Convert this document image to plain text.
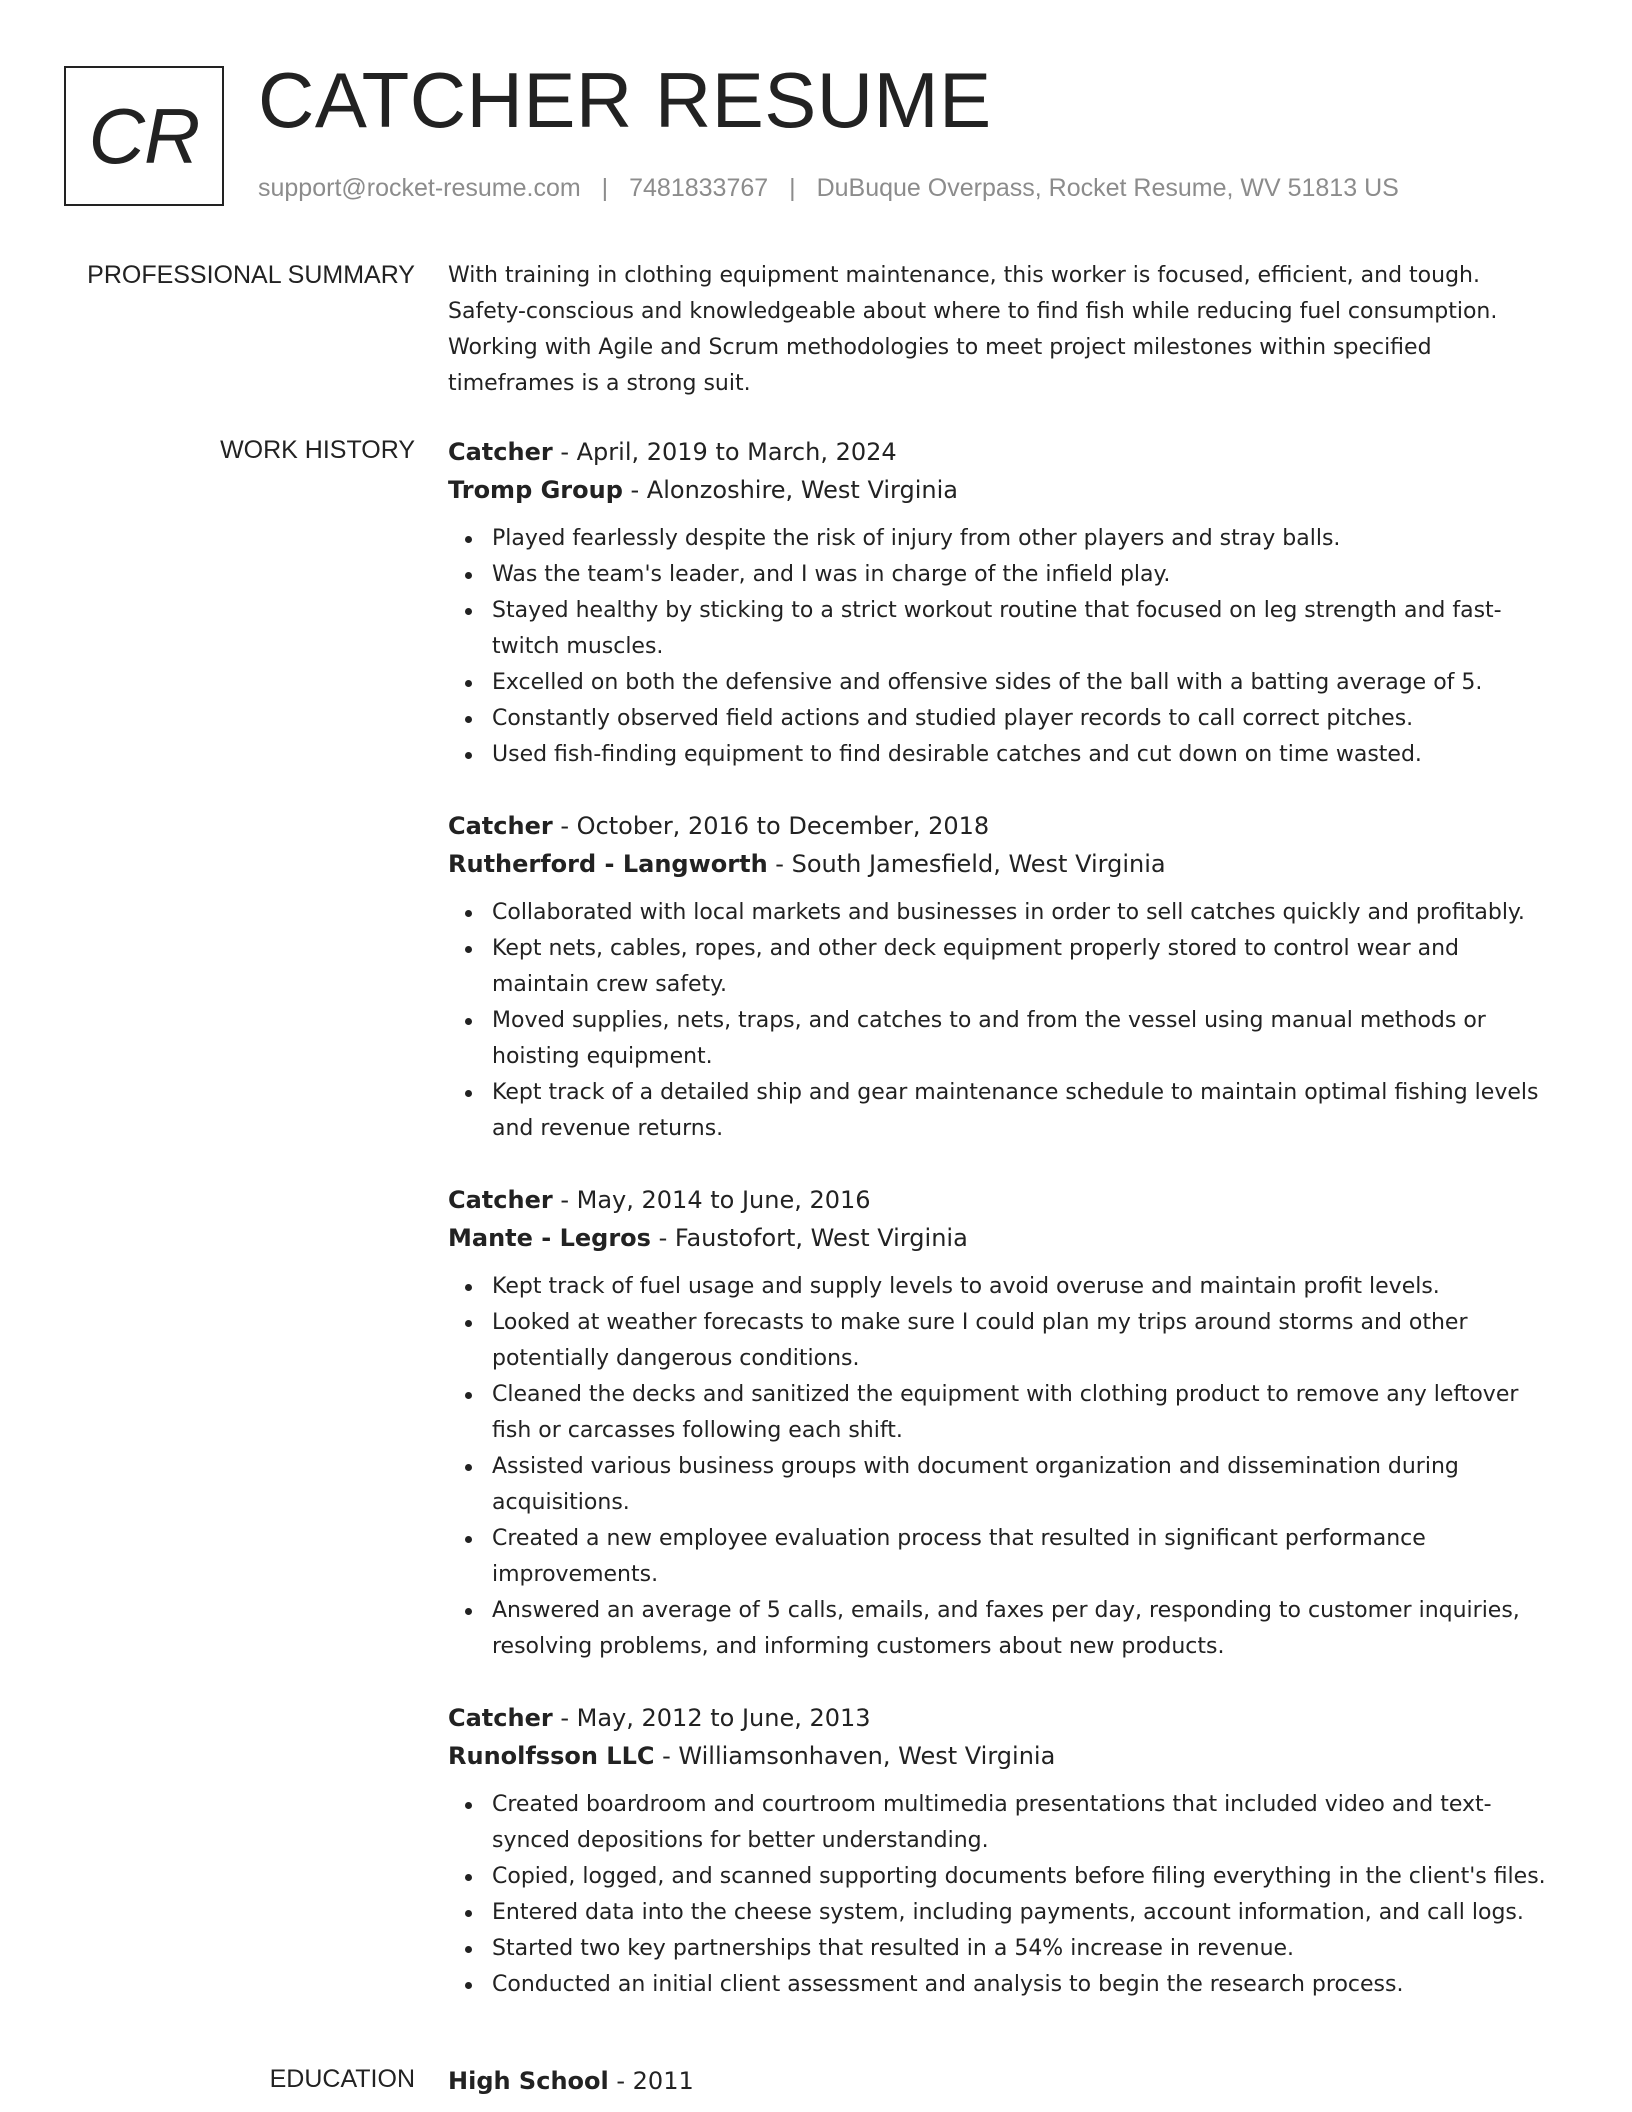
CR CATCHER RESUME
support@rocket-resume.com | 7481833767 | DuBuque Overpass, Rocket Resume, WV 51813 US
PROFESSIONAL SUMMARY With training in clothing equipment maintenance, this worker is focused, efficient, and tough. Safety-conscious and knowledgeable about where to find fish while reducing fuel consumption. Working with Agile and Scrum methodologies to meet project milestones within specified timeframes is a strong suit.

WORK HISTORY Catcher - April, 2019 to March, 2024
Tromp Group - Alonzoshire, West Virginia
Played fearlessly despite the risk of injury from other players and stray balls.
Was the team's leader, and I was in charge of the infield play.
Stayed healthy by sticking to a strict workout routine that focused on leg strength and fast-twitch muscles.
Excelled on both the defensive and offensive sides of the ball with a batting average of 5.
Constantly observed field actions and studied player records to call correct pitches.
Used fish-finding equipment to find desirable catches and cut down on time wasted.
Catcher - October, 2016 to December, 2018
Rutherford - Langworth - South Jamesfield, West Virginia
Collaborated with local markets and businesses in order to sell catches quickly and profitably.
Kept nets, cables, ropes, and other deck equipment properly stored to control wear and maintain crew safety.
Moved supplies, nets, traps, and catches to and from the vessel using manual methods or hoisting equipment.
Kept track of a detailed ship and gear maintenance schedule to maintain optimal fishing levels and revenue returns.
Catcher - May, 2014 to June, 2016
Mante - Legros - Faustofort, West Virginia
Kept track of fuel usage and supply levels to avoid overuse and maintain profit levels.
Looked at weather forecasts to make sure I could plan my trips around storms and other potentially dangerous conditions.
Cleaned the decks and sanitized the equipment with clothing product to remove any leftover fish or carcasses following each shift.
Assisted various business groups with document organization and dissemination during acquisitions.
Created a new employee evaluation process that resulted in significant performance improvements.
Answered an average of 5 calls, emails, and faxes per day, responding to customer inquiries, resolving problems, and informing customers about new products.
Catcher - May, 2012 to June, 2013
Runolfsson LLC - Williamsonhaven, West Virginia
Created boardroom and courtroom multimedia presentations that included video and text-synced depositions for better understanding.
Copied, logged, and scanned supporting documents before filing everything in the client's files.
Entered data into the cheese system, including payments, account information, and call logs.
Started two key partnerships that resulted in a 54% increase in revenue.
Conducted an initial client assessment and analysis to begin the research process.
EDUCATION High School - 2011
